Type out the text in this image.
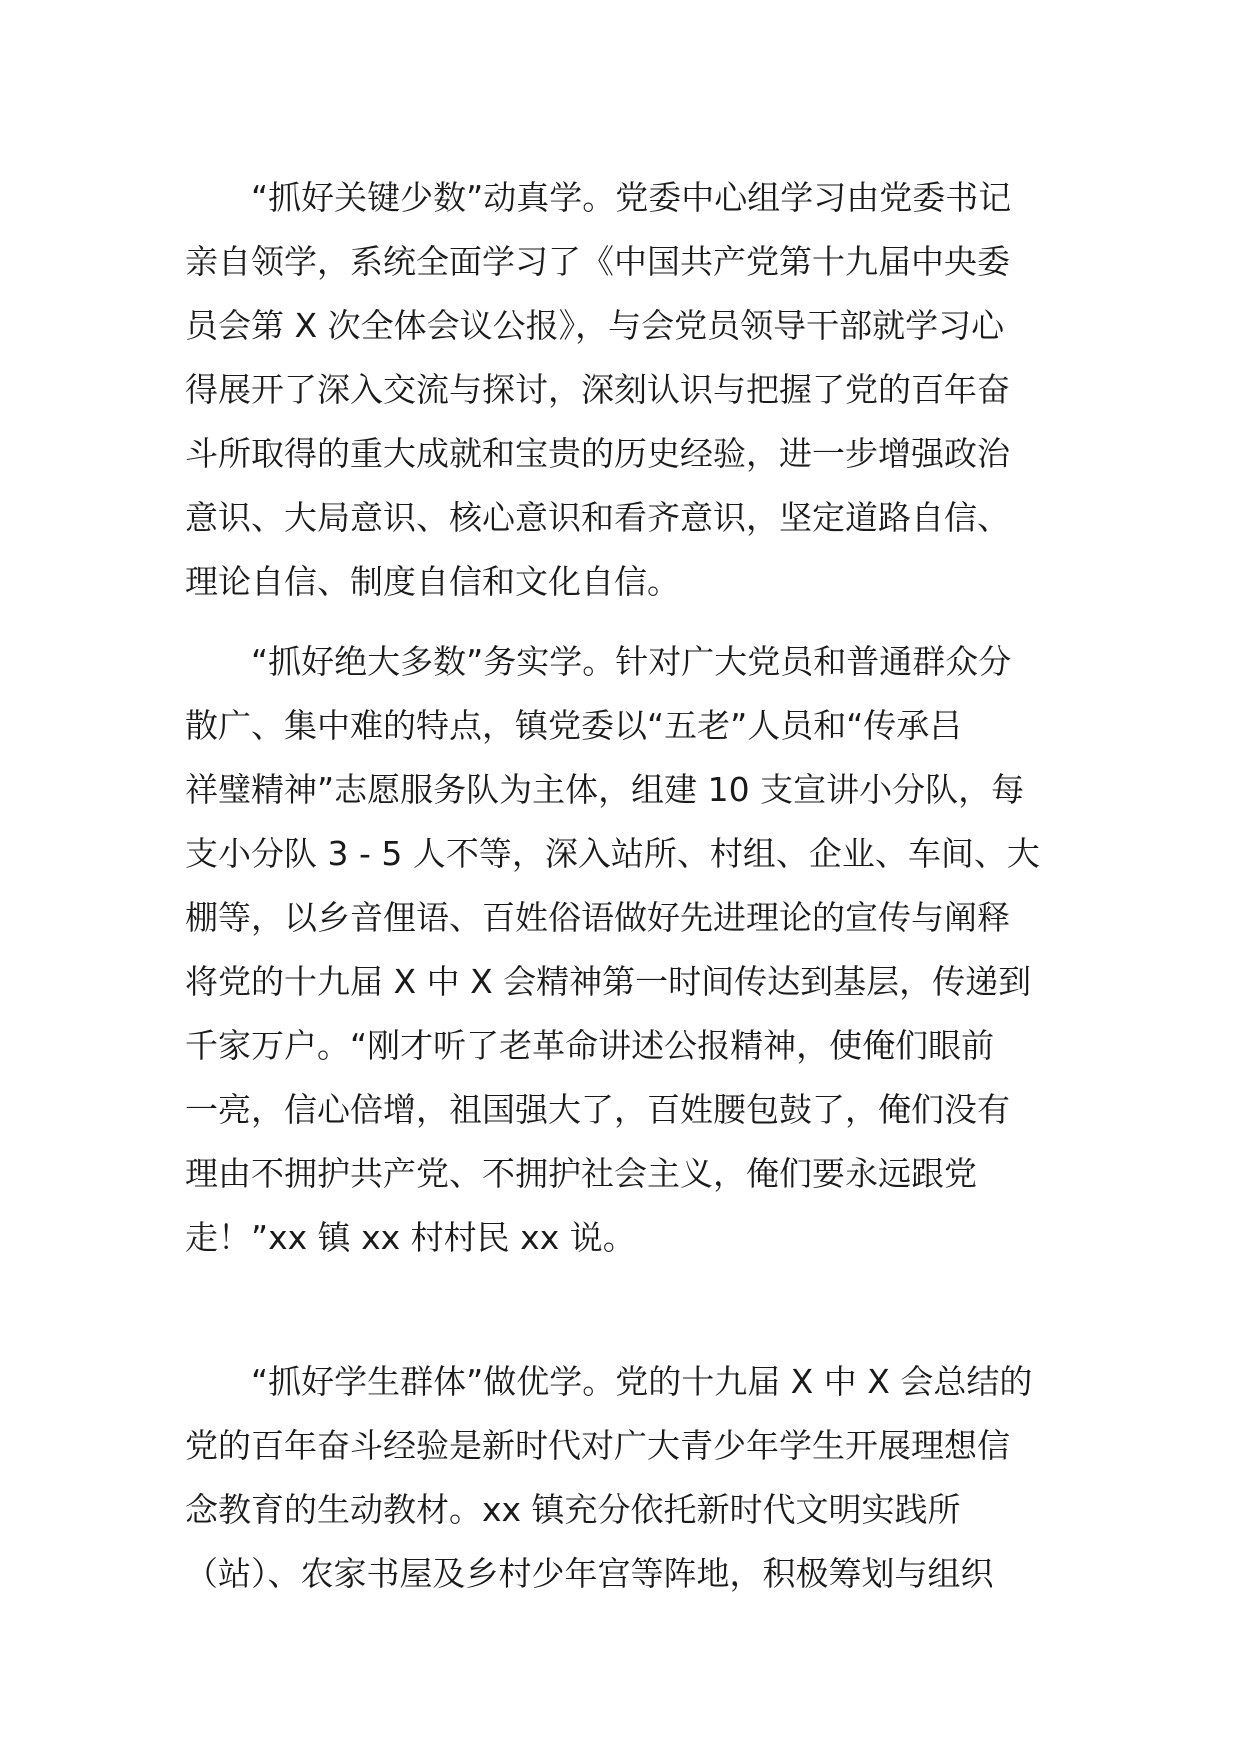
“抓好关键少数”动真学。党委中心组学习由党委书记

亲自领学，系统全面学习了《中国共产党第十九届中央委

员会第 X 次全体会议公报》，与会党员领导干部就学习心

得展开了深入交流与探讨，深刻认识与把握了党的百年奋

斗所取得的重大成就和宝贵的历史经验，进一步增强政治

意识、大局意识、核心意识和看齐意识，坚定道路自信、

理论自信、制度自信和文化自信。

“抓好绝大多数”务实学。针对广大党员和普通群众分

散广、集中难的特点，镇党委以“五老”人员和“传承吕

祥璧精神”志愿服务队为主体，组建 10 支宣讲小分队，每

支小分队 3 - 5 人不等，深入站所、村组、企业、车间、大

棚等，以乡音俚语、百姓俗语做好先进理论的宣传与阐释

将党的十九届 X 中 X 会精神第一时间传达到基层，传递到

千家万户。“刚才听了老革命讲述公报精神，使俺们眼前

一亮，信心倍增，祖国强大了，百姓腰包鼓了，俺们没有

理由不拥护共产党、不拥护社会主义，俺们要永远跟党

走！”xx 镇 xx 村村民 xx 说。

“抓好学生群体”做优学。党的十九届 X 中 X 会总结的

党的百年奋斗经验是新时代对广大青少年学生开展理想信

念教育的生动教材。xx 镇充分依托新时代文明实践所

（站）、农家书屋及乡村少年宫等阵地，积极筹划与组织
